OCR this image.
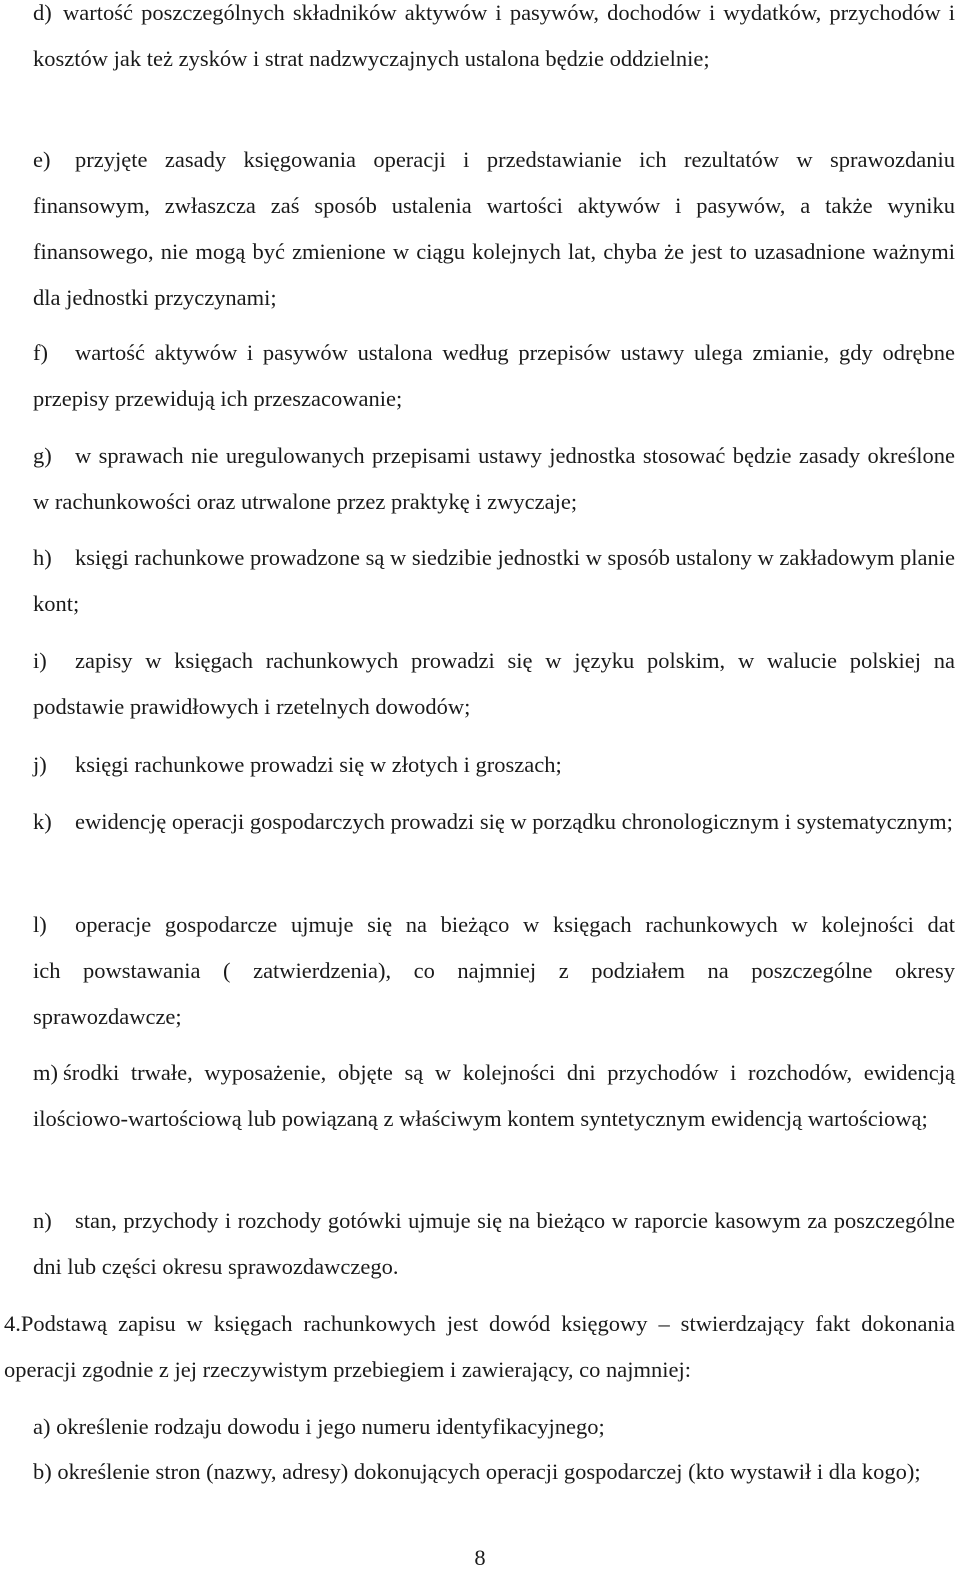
d) wartość poszczególnych składników aktywów i pasywów, dochodów i wydatków, przychodów i kosztów jak też zysków i strat nadzwyczajnych ustalona będzie oddzielnie;
e) przyjęte zasady księgowania operacji i przedstawianie ich rezultatów w sprawozdaniu finansowym, zwłaszcza zaś sposób ustalenia wartości aktywów i pasywów, a także wyniku finansowego, nie mogą być zmienione w ciągu kolejnych lat, chyba że jest to uzasadnione ważnymi dla jednostki przyczynami;
f) wartość aktywów i pasywów ustalona według przepisów ustawy ulega zmianie, gdy odrębne przepisy przewidują ich przeszacowanie;
g) w sprawach nie uregulowanych przepisami ustawy jednostka stosować będzie zasady określone w rachunkowości oraz utrwalone przez praktykę i zwyczaje;
h) księgi rachunkowe prowadzone są w siedzibie jednostki w sposób ustalony w zakładowym planie kont;
i) zapisy w księgach rachunkowych prowadzi się w języku polskim, w walucie polskiej na podstawie prawidłowych i rzetelnych dowodów;
j) księgi rachunkowe prowadzi się w złotych i groszach;
k) ewidencję operacji gospodarczych prowadzi się w porządku chronologicznym i systematycznym;
l) operacje gospodarcze ujmuje się na bieżąco w księgach rachunkowych w kolejności dat ich powstawania ( zatwierdzenia), co najmniej z podziałem na poszczególne okresy sprawozdawcze;
m) środki trwałe, wyposażenie, objęte są w kolejności dni przychodów i rozchodów, ewidencją ilościowo-wartościową lub powiązaną z właściwym kontem syntetycznym ewidencją wartościową;
n) stan, przychody i rozchody gotówki ujmuje się na bieżąco w raporcie kasowym za poszczególne dni lub części okresu sprawozdawczego.
4.Podstawą zapisu w księgach rachunkowych jest dowód księgowy – stwierdzający fakt dokonania operacji zgodnie z jej rzeczywistym przebiegiem i zawierający, co najmniej:
a) określenie rodzaju dowodu i jego numeru identyfikacyjnego;
b) określenie stron (nazwy, adresy) dokonujących operacji gospodarczej (kto wystawił i dla kogo);
8
